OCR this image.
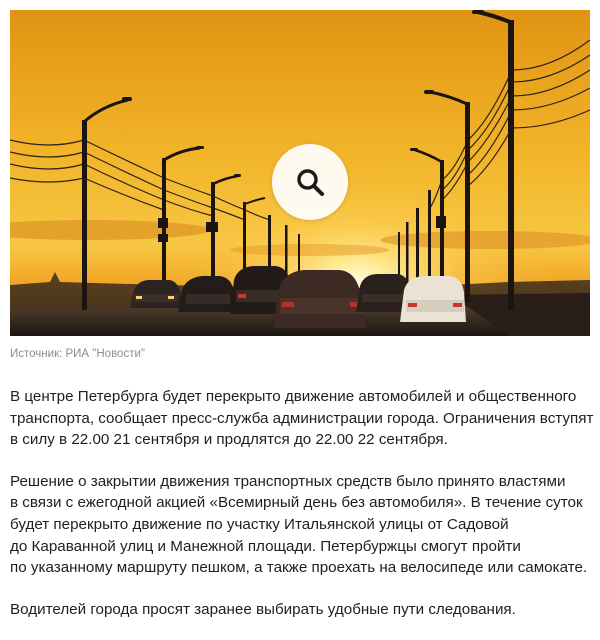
Источник: РИА "Новости"

В центре Петербурга будет перекрыто движение автомобилей и общественного
транспорта, сообщает пресс-служба администрации города. Ограничения вступят
в силу в 22.00 21 сентября и продлятся до 22.00 22 сентября.

Решение о закрытии движения транспортных средств было принято властями
в связи с ежегодной акцией «Всемирный день без автомобиля». В течение суток
будет перекрыто движение по участку Итальянской улицы от Садовой
до Караванной улиц и Манежной площади. Петербуржцы смогут пройти
по указанному маршруту пешком, а также проехать на велосипеде или самокате.

Водителей города просят заранее выбирать удобные пути следования.
